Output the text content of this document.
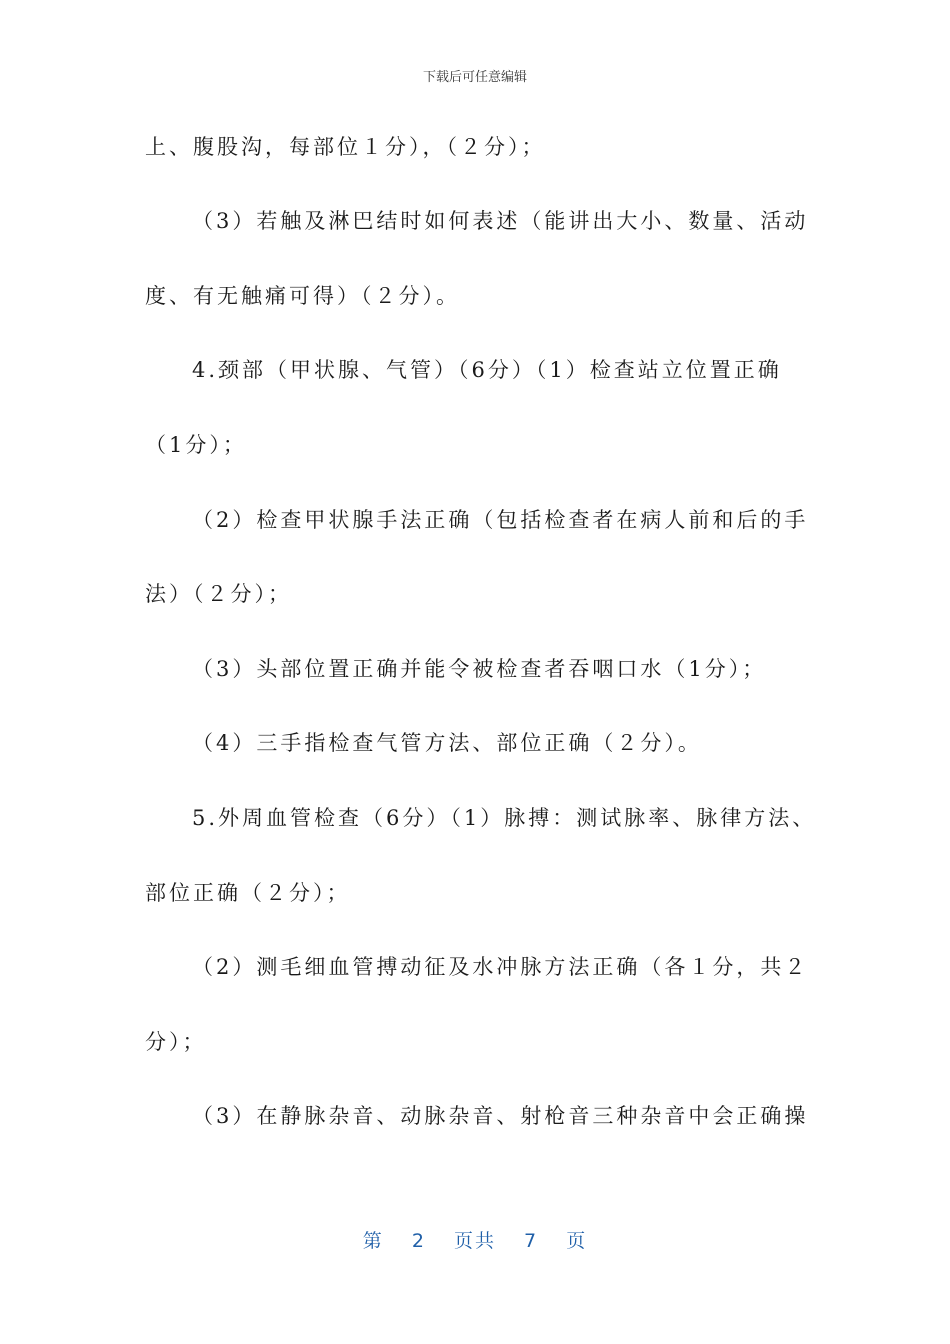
下载后可任意编辑
上、腹股沟，每部位１分），（２分）；
（3）若触及淋巴结时如何表述（能讲出大小、数量、活动
度、有无触痛可得）（２分）。
4.颈部（甲状腺、气管）（6分）（1）检查站立位置正确
（1分）；
（2）检查甲状腺手法正确（包括检查者在病人前和后的手
法）（２分）；
（3）头部位置正确并能令被检查者吞咽口水（1分）；
（4）三手指检查气管方法、部位正确（２分）。
5.外周血管检查（6分）（1）脉搏：测试脉率、脉律方法、
部位正确（２分）；
（2）测毛细血管搏动征及水冲脉方法正确（各１分，共２
分）；
（3）在静脉杂音、动脉杂音、射枪音三种杂音中会正确操
第 2 页共 7 页
